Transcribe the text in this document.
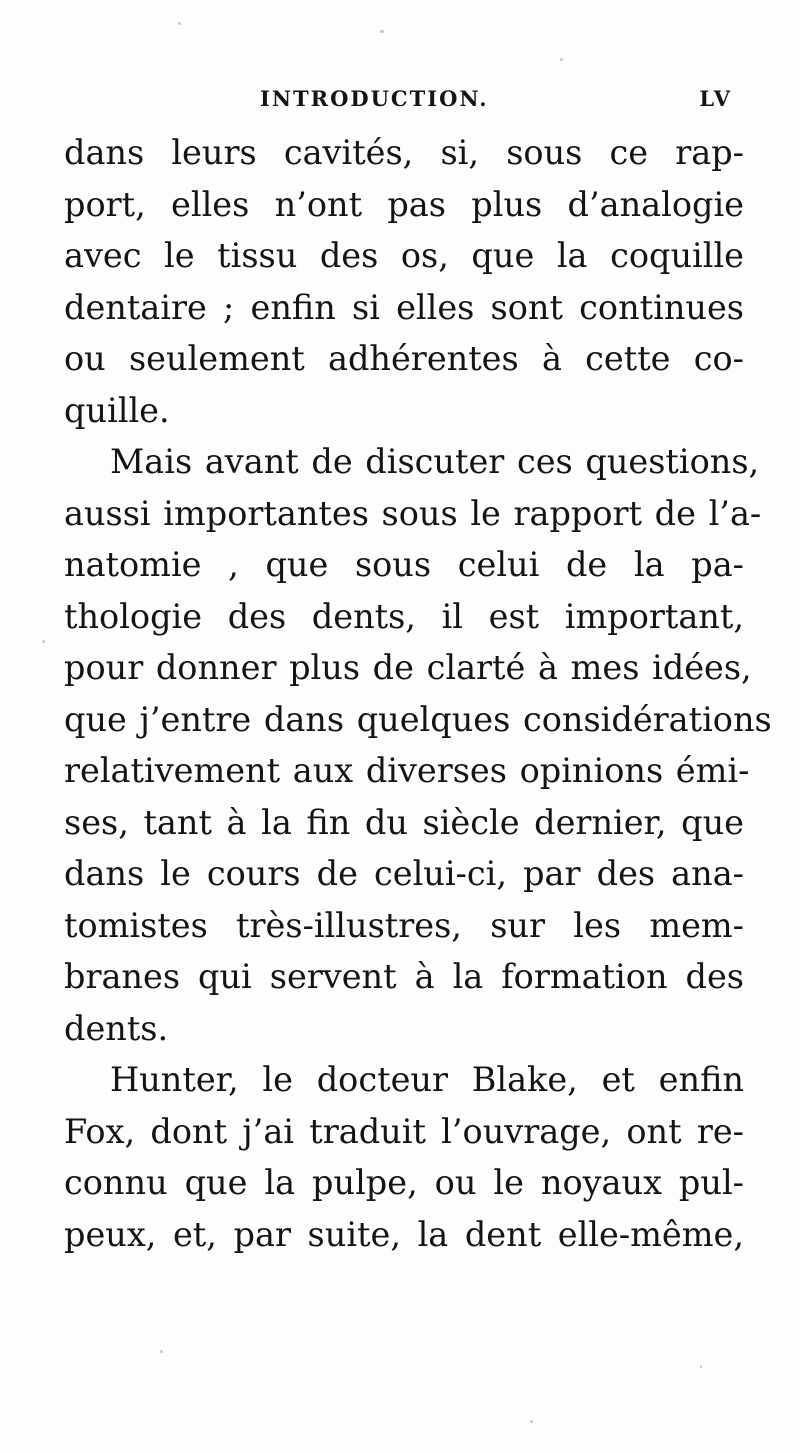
INTRODUCTION.	LV
dans leurs cavités, si, sous ce rap-
port, elles n’ont pas plus d’analogie
avec le tissu des os, que la coquille
dentaire ; enfin si elles sont continues
ou seulement adhérentes à cette co-
quille.
Mais avant de discuter ces questions,
aussi importantes sous le rapport de l’a-
natomie , que sous celui de la pa-
thologie des dents, il est important,
pour donner plus de clarté à mes idées,
que j’entre dans quelques considérations
relativement aux diverses opinions émi-
ses, tant à la fin du siècle dernier, que
dans le cours de celui-ci, par des ana-
tomistes très-illustres, sur les mem-
branes qui servent à la formation des
dents.
Hunter, le docteur Blake, et enfin
Fox, dont j’ai traduit l’ouvrage, ont re-
connu que la pulpe, ou le noyaux pul-
peux, et, par suite, la dent elle-même,
